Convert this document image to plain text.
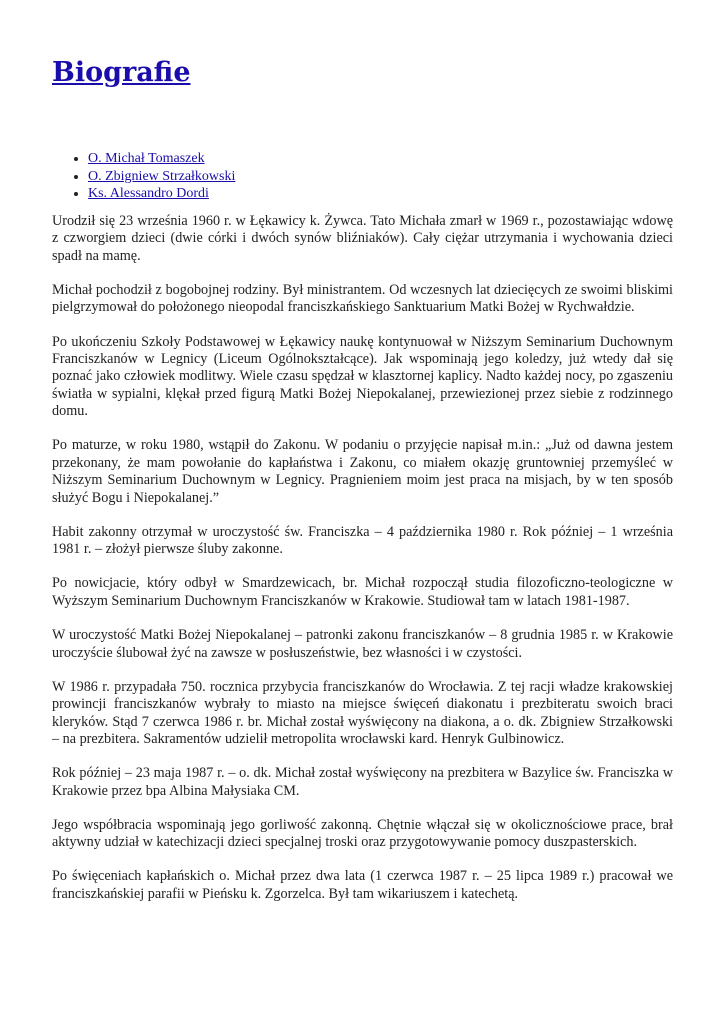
Biografie
• O. Michał Tomaszek
• O. Zbigniew Strzałkowski
• Ks. Alessandro Dordi

Urodził się 23 września 1960 r. w Łękawicy k. Żywca. Tato Michała zmarł w 1969 r., pozostawiając wdowę z czworgiem dzieci (dwie córki i dwóch synów bliźniaków). Cały ciężar utrzymania i wychowania dzieci spadł na mamę.

Michał pochodził z bogobojnej rodziny. Był ministrantem. Od wczesnych lat dziecięcych ze swoimi bliskimi pielgrzymował do położonego nieopodal franciszkańskiego Sanktuarium Matki Bożej w Rychwałdzie.

Po ukończeniu Szkoły Podstawowej w Łękawicy naukę kontynuował w Niższym Seminarium Duchownym Franciszkanów w Legnicy (Liceum Ogólnokształcące). Jak wspominają jego koledzy, już wtedy dał się poznać jako człowiek modlitwy. Wiele czasu spędzał w klasztornej kaplicy. Nadto każdej nocy, po zgaszeniu światła w sypialni, klękał przed figurą Matki Bożej Niepokalanej, przewiezionej przez siebie z rodzinnego domu.

Po maturze, w roku 1980, wstąpił do Zakonu. W podaniu o przyjęcie napisał m.in.: „Już od dawna jestem przekonany, że mam powołanie do kapłaństwa i Zakonu, co miałem okazję gruntowniej przemyśleć w Niższym Seminarium Duchownym w Legnicy. Pragnieniem moim jest praca na misjach, by w ten sposób służyć Bogu i Niepokalanej.”

Habit zakonny otrzymał w uroczystość św. Franciszka – 4 października 1980 r. Rok później – 1 września 1981 r. – złożył pierwsze śluby zakonne.

Po nowicjacie, który odbył w Smardzewicach, br. Michał rozpoczął studia filozoficzno-teologiczne w Wyższym Seminarium Duchownym Franciszkanów w Krakowie. Studiował tam w latach 1981-1987.

W uroczystość Matki Bożej Niepokalanej – patronki zakonu franciszkanów – 8 grudnia 1985 r. w Krakowie uroczyście ślubował żyć na zawsze w posłuszeństwie, bez własności i w czystości.

W 1986 r. przypadała 750. rocznica przybycia franciszkanów do Wrocławia. Z tej racji władze krakowskiej prowincji franciszkanów wybrały to miasto na miejsce święceń diakonatu i prezbiteratu swoich braci kleryków. Stąd 7 czerwca 1986 r. br. Michał został wyświęcony na diakona, a o. dk. Zbigniew Strzałkowski – na prezbitera. Sakramentów udzielił metropolita wrocławski kard. Henryk Gulbinowicz.

Rok później – 23 maja 1987 r. – o. dk. Michał został wyświęcony na prezbitera w Bazylice św. Franciszka w Krakowie przez bpa Albina Małysiaka CM.

Jego współbracia wspominają jego gorliwość zakonną. Chętnie włączał się w okolicznościowe prace, brał aktywny udział w katechizacji dzieci specjalnej troski oraz przygotowywanie pomocy duszpasterskich.

Po święceniach kapłańskich o. Michał przez dwa lata (1 czerwca 1987 r. – 25 lipca 1989 r.) pracował we franciszkańskiej parafii w Pieńsku k. Zgorzelca. Był tam wikariuszem i katechetą.
